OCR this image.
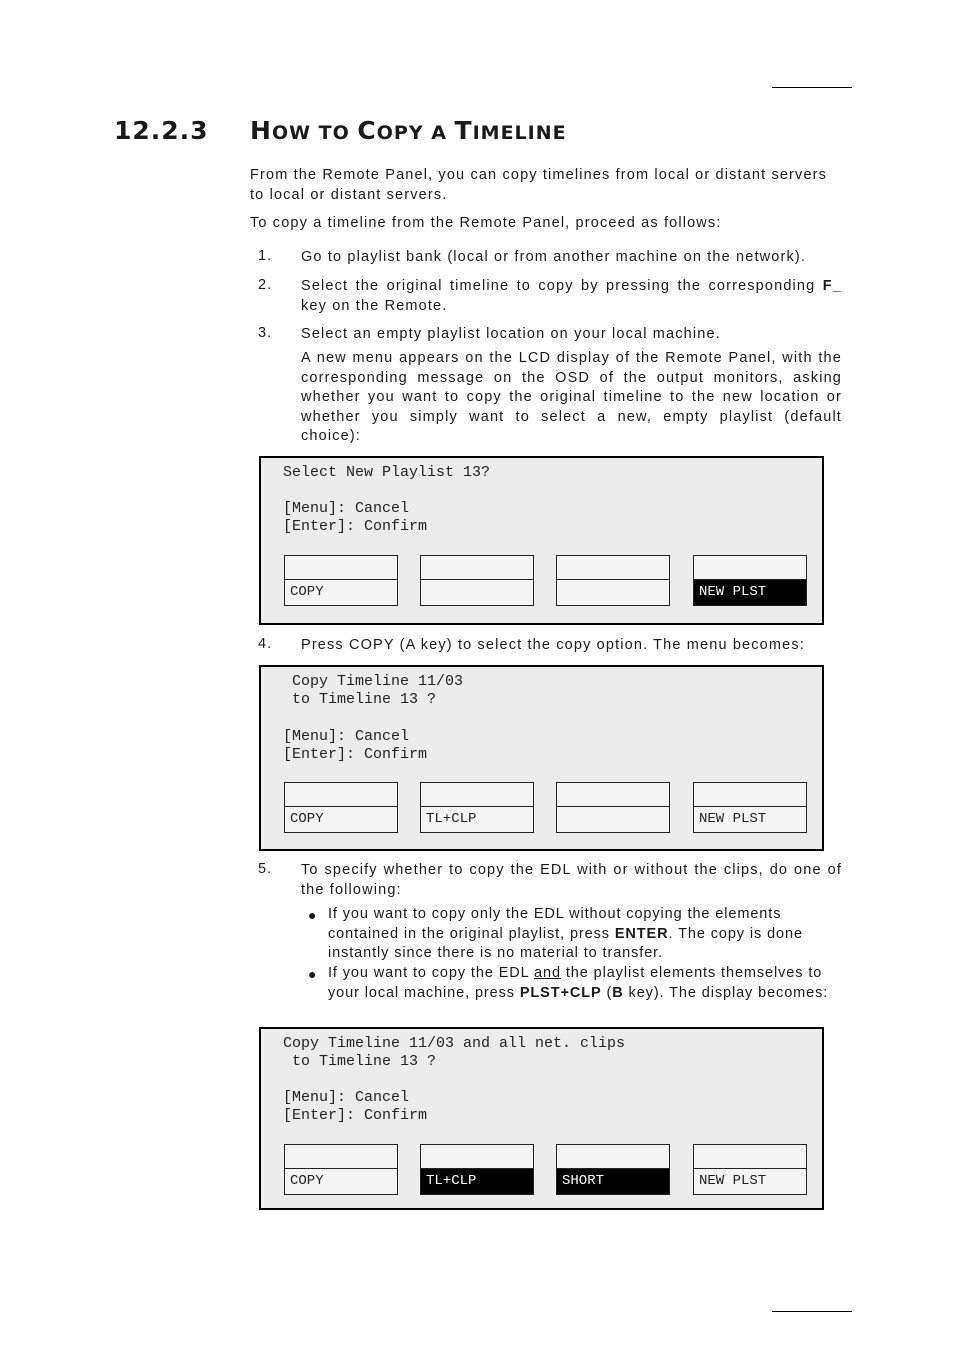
12.2.3 HOW TO COPY A TIMELINE
From the Remote Panel, you can copy timelines from local or distant servers to local or distant servers.
To copy a timeline from the Remote Panel, proceed as follows:
1. Go to playlist bank (local or from another machine on the network).
2. Select the original timeline to copy by pressing the corresponding F_ key on the Remote.
3. Select an empty playlist location on your local machine.
A new menu appears on the LCD display of the Remote Panel, with the corresponding message on the OSD of the output monitors, asking whether you want to copy the original timeline to the new location or whether you simply want to select a new, empty playlist (default choice):
Select New Playlist 13?
[Menu]: Cancel
[Enter]: Confirm
COPY	NEW PLST
4. Press COPY (A key) to select the copy option. The menu becomes:
Copy Timeline 11/03
to Timeline 13 ?
[Menu]: Cancel
[Enter]: Confirm
COPY	TL+CLP	NEW PLST
5. To specify whether to copy the EDL with or without the clips, do one of the following:
● If you want to copy only the EDL without copying the elements contained in the original playlist, press ENTER. The copy is done instantly since there is no material to transfer.
● If you want to copy the EDL and the playlist elements themselves to your local machine, press PLST+CLP (B key). The display becomes:
Copy Timeline 11/03 and all net. clips
to Timeline 13 ?
[Menu]: Cancel
[Enter]: Confirm
COPY	TL+CLP	SHORT	NEW PLST
